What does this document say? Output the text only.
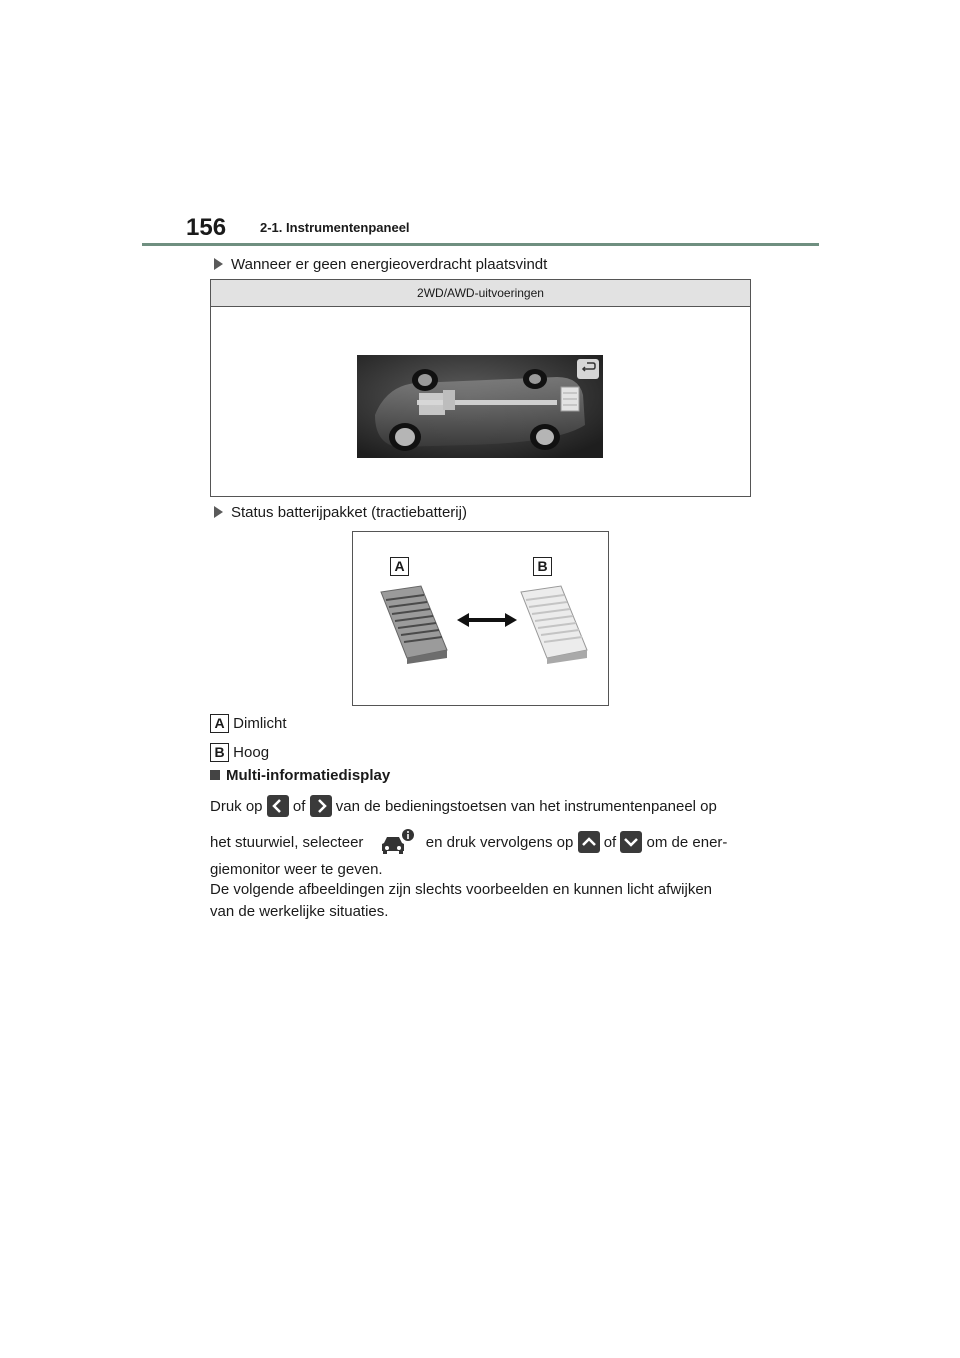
156	2-1. Instrumentenpaneel
Wanneer er geen energieoverdracht plaatsvindt
2WD/AWD-uitvoeringen
Status batterijpakket (tractiebatterij)
A	B
A Dimlicht
B Hoog
Multi-informatiedisplay
Druk op of van de bedieningstoetsen van het instrumentenpaneel op
het stuurwiel, selecteer	en druk vervolgens op of om de ener-
giemonitor weer te geven.
De volgende afbeeldingen zijn slechts voorbeelden en kunnen licht afwijken
van de werkelijke situaties.
